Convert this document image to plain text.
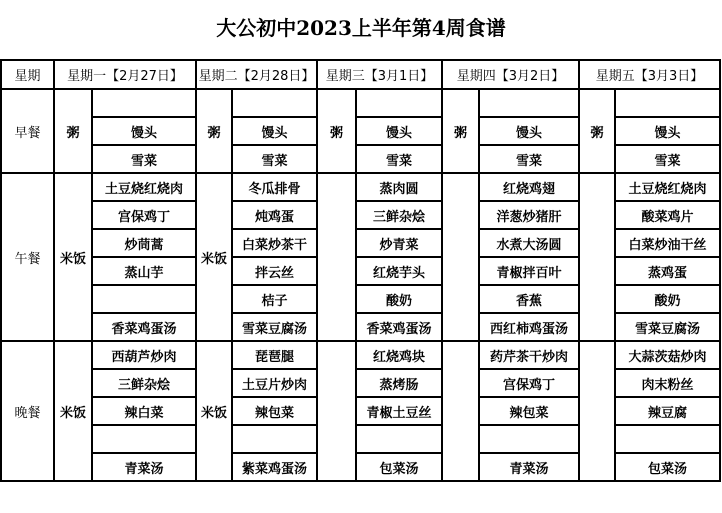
大公初中2023上半年第4周食谱
星期	星期一【2月27日】		星期二【2月28日】		星期三【3月1日】		星期四【3月2日】		星期五【3月3日】	
早餐	粥		粥		粥		粥		粥	
		馒头		馒头		馒头		馒头		馒头
		雪菜		雪菜		雪菜		雪菜		雪菜
午餐	米饭	土豆烧红烧肉	米饭	冬瓜排骨		蒸肉圆		红烧鸡翅		土豆烧红烧肉
		宫保鸡丁		炖鸡蛋		三鲜杂烩		洋葱炒猪肝		酸菜鸡片
		炒茼蒿		白菜炒茶干		炒青菜		水煮大汤圆		白菜炒油干丝
		蒸山芋		拌云丝		红烧芋头		青椒拌百叶		蒸鸡蛋
				桔子		酸奶		香蕉		酸奶
		香菜鸡蛋汤		雪菜豆腐汤		香菜鸡蛋汤		西红柿鸡蛋汤		雪菜豆腐汤
晚餐	米饭	西葫芦炒肉	米饭	琵琶腿		红烧鸡块		药芹茶干炒肉		大蒜茨菇炒肉
		三鲜杂烩		土豆片炒肉		蒸烤肠		宫保鸡丁		肉末粉丝
		辣白菜		辣包菜		青椒土豆丝		辣包菜		辣豆腐

		青菜汤		紫菜鸡蛋汤		包菜汤		青菜汤		包菜汤
